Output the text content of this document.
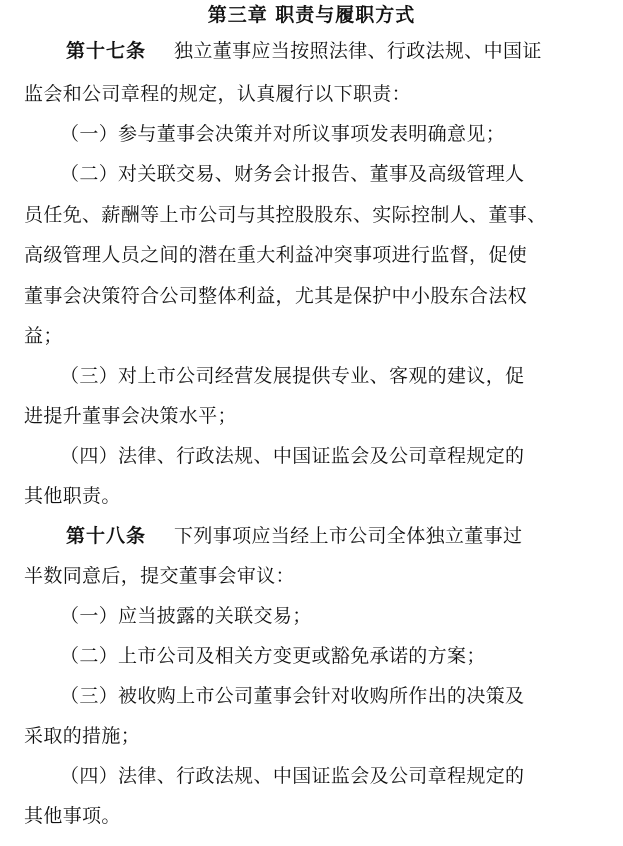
第三章 职责与履职方式
第十七条 独立董事应当按照法律、行政法规、中国证
监会和公司章程的规定，认真履行以下职责：
（一）参与董事会决策并对所议事项发表明确意见；
（二）对关联交易、财务会计报告、董事及高级管理人
员任免、薪酬等上市公司与其控股股东、实际控制人、董事、
高级管理人员之间的潜在重大利益冲突事项进行监督，促使
董事会决策符合公司整体利益，尤其是保护中小股东合法权
益；
（三）对上市公司经营发展提供专业、客观的建议，促
进提升董事会决策水平；
（四）法律、行政法规、中国证监会及公司章程规定的
其他职责。
第十八条 下列事项应当经上市公司全体独立董事过
半数同意后，提交董事会审议：
（一）应当披露的关联交易；
（二）上市公司及相关方变更或豁免承诺的方案；
（三）被收购上市公司董事会针对收购所作出的决策及
采取的措施；
（四）法律、行政法规、中国证监会及公司章程规定的
其他事项。
